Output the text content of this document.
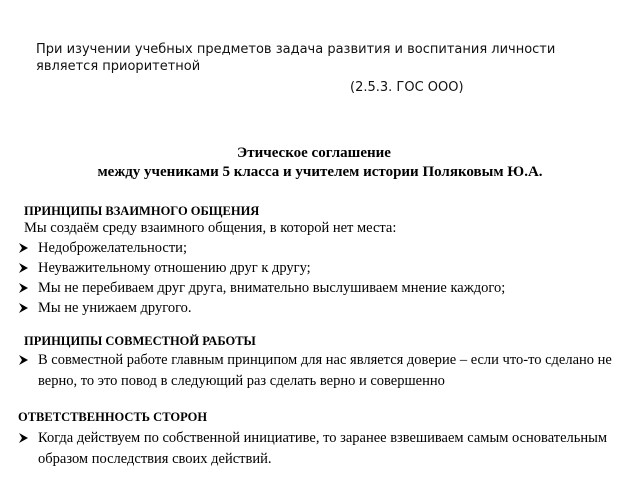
При изучении учебных предметов задача развития и воспитания личности является приоритетной
(2.5.3. ГОС ООО)
Этическое соглашение
между учениками 5 класса и учителем истории Поляковым Ю.А.
ПРИНЦИПЫ ВЗАИМНОГО ОБЩЕНИЯ
Мы создаём среду взаимного общения, в которой нет места:
Недоброжелательности;
Неуважительному отношению друг к другу;
Мы не перебиваем друг друга, внимательно выслушиваем мнение каждого;
Мы не унижаем другого.
ПРИНЦИПЫ СОВМЕСТНОЙ РАБОТЫ
В совместной работе главным принципом для нас является доверие – если что-то сделано не верно, то это повод в следующий раз сделать верно и совершенно
ОТВЕТСТВЕННОСТЬ СТОРОН
Когда действуем по собственной инициативе, то заранее взвешиваем самым основательным образом последствия своих действий.
